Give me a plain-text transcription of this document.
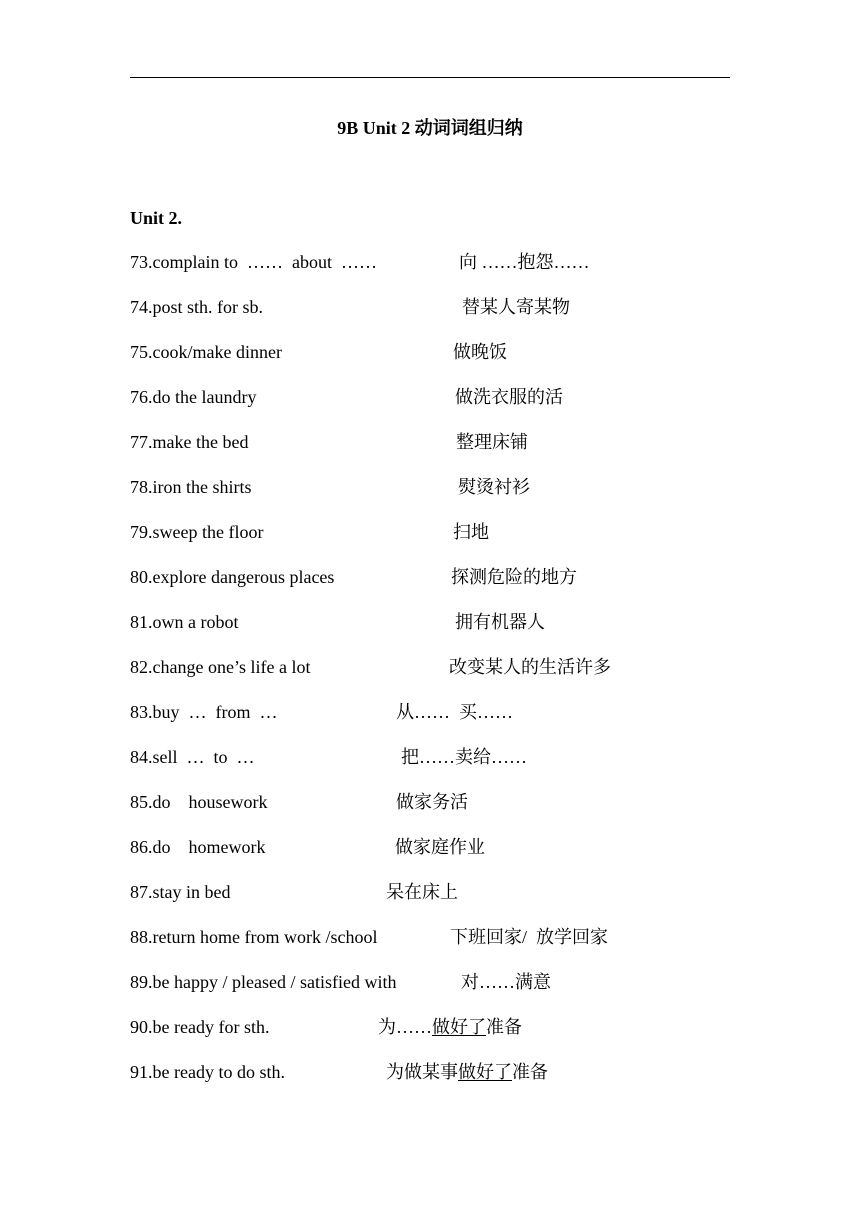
9B Unit 2 动词词组归纳
Unit 2.
73.complain to  ……  about  ……	向 ……抱怨……
74.post sth. for sb.	替某人寄某物
75.cook/make dinner	做晚饭
76.do the laundry	做洗衣服的活
77.make the bed	整理床铺
78.iron the shirts	熨烫衬衫
79.sweep the floor	扫地
80.explore dangerous places	探测危险的地方
81.own a robot	拥有机器人
82.change one’s life a lot	改变某人的生活许多
83.buy  …  from  …	从……  买……
84.sell  …  to  …	把……卖给……
85.do    housework	做家务活
86.do    homework	做家庭作业
87.stay in bed	呆在床上
88.return home from work /school	下班回家/  放学回家
89.be happy / pleased / satisfied with	对……满意
90.be ready for sth.	为……做好了准备
91.be ready to do sth.	为做某事做好了准备
